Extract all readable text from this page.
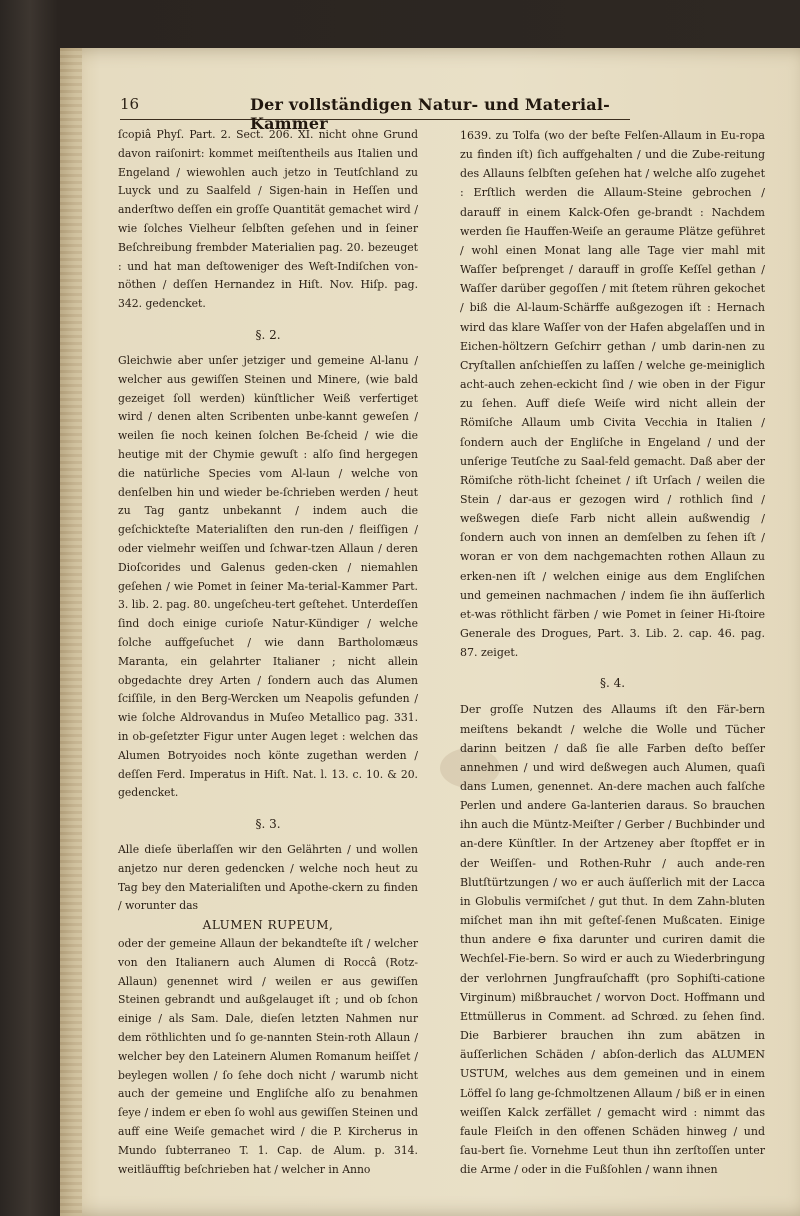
16	Der vollständigen Natur- und Material-Kammer

ſcopiâ Phyſ. Part. 2. Sect. 206. XI. nicht ohne Grund davon raiſonirt: kommet meiſtentheils aus Italien und Engeland / wiewohlen auch jetzo in Teutſchland zu Luyck und zu Saalfeld / Sigen-hain in Heſſen und anderſtwo deſſen ein groſſe Quantität gemachet wird / wie ſolches Vielheur ſelbſten geſehen und in ſeiner Beſchreibung frembder Materialien pag. 20. bezeuget : und hat man deſtoweniger des Weſt-Indiſchen von-nöthen / deſſen Hernandez in Hiſt. Nov. Hiſp. pag. 342. gedencket.

§. 2.

Gleichwie aber unſer jetziger und gemeine Al-lanu / welcher aus gewiſſen Steinen und Minere, (wie bald gezeiget ſoll werden) künſtlicher Weiß verfertiget wird / denen alten Scribenten unbe-kannt geweſen / weilen ſie noch keinen ſolchen Be-ſcheid / wie die heutige mit der Chymie gewuſt : alſo ſind hergegen die natürliche Species vom Al-laun / welche von denſelben hin und wieder be-ſchrieben werden / heut zu Tag gantz unbekannt / indem auch die geſchickteſte Materialiſten den run-den / fleiſſigen / oder vielmehr weiſſen und ſchwar-tzen Allaun / deren Dioſcorides und Galenus geden-cken / niemahlen geſehen / wie Pomet in ſeiner Ma-terial-Kammer Part. 3. lib. 2. pag. 80. ungeſcheu-tert geſtehet. Unterdeſſen ſind doch einige curioſe Natur-Kündiger / welche ſolche auffgeſuchet / wie dann Bartholomæus Maranta, ein gelahrter Italianer ; nicht allein obgedachte drey Arten / ſondern auch das Alumen ſciſſile, in den Berg-Wercken um Neapolis gefunden / wie ſolche Aldrovandus in Muſeo Metallico pag. 331. in ob-geſetzter Figur unter Augen leget : welchen das Alumen Botryoides noch könte zugethan werden / deſſen Ferd. Imperatus in Hiſt. Nat. l. 13. c. 10. & 20. gedencket.

§. 3.

Alle dieſe überlaſſen wir den Gelährten / und wollen anjetzo nur deren gedencken / welche noch heut zu Tag bey den Materialiſten und Apothe-ckern zu finden / worunter das

ALUMEN RUPEUM,

oder der gemeine Allaun der bekandteſte iſt / welcher von den Italianern auch Alumen di Roccâ (Rotz-Allaun) genennet wird / weilen er aus gewiſſen Steinen gebrandt und außgelauget iſt ; und ob ſchon einige / als Sam. Dale, dieſen letzten Nahmen nur dem röthlichten und ſo ge-nannten Stein-roth Allaun / welcher bey den Lateinern Alumen Romanum heiſſet / beylegen wollen / ſo ſehe doch nicht / warumb nicht auch der gemeine und Engliſche alſo zu benahmen ſeye / indem er eben ſo wohl aus gewiſſen Steinen und auff eine Weiſe gemachet wird / die P. Kircherus in Mundo ſubterraneo T. 1. Cap. de Alum. p. 314. weitläufftig beſchrieben hat / welcher in Anno

1639. zu Tolfa (wo der beſte Felſen-Allaum in Eu-ropa zu finden iſt) ſich auffgehalten / und die Zube-reitung des Allauns ſelbſten geſehen hat / welche alſo zugehet : Erſtlich werden die Allaum-Steine gebrochen / darauff in einem Kalck-Ofen ge-brandt : Nachdem werden ſie Hauffen-Weiſe an geraume Plätze geführet / wohl einen Monat lang alle Tage vier mahl mit Waſſer beſprenget / darauff in groſſe Keſſel gethan / Waſſer darüber gegoſſen / mit ſtetem rühren gekochet / biß die Al-laum-Schärffe außgezogen iſt : Hernach wird das klare Waſſer von der Hafen abgelaſſen und in Eichen-höltzern Geſchirr gethan / umb darin-nen zu Cryſtallen anſchieſſen zu laſſen / welche ge-meiniglich acht-auch zehen-eckicht ſind / wie oben in der Figur zu ſehen. Auff dieſe Weiſe wird nicht allein der Römiſche Allaum umb Civita Vecchia in Italien / ſondern auch der Engliſche in Engeland / und der unſerige Teutſche zu Saal-feld gemacht. Daß aber der Römiſche röth-licht ſcheinet / iſt Urſach / weilen die Stein / dar-aus er gezogen wird / rothlich ſind / weßwegen dieſe Farb nicht allein außwendig / ſondern auch von innen an demſelben zu ſehen iſt / woran er von dem nachgemachten rothen Allaun zu erken-nen iſt / welchen einige aus dem Engliſchen und gemeinen nachmachen / indem ſie ihn äuſſerlich et-was röthlicht färben / wie Pomet in ſeiner Hi-ſtoire Generale des Drogues, Part. 3. Lib. 2. cap. 46. pag. 87. zeiget.

§. 4.

Der groſſe Nutzen des Allaums iſt den Fär-bern meiſtens bekandt / welche die Wolle und Tücher darinn beitzen / daß ſie alle Farben deſto beſſer annehmen / und wird deßwegen auch Alumen, quaſi dans Lumen, genennet. An-dere machen auch falſche Perlen und andere Ga-lanterien daraus. So brauchen ihn auch die Müntz-Meiſter / Gerber / Buchbinder und an-dere Künſtler. In der Artzeney aber ſtopffet er in der Weiſſen- und Rothen-Ruhr / auch ande-ren Blutſtürtzungen / wo er auch äuſſerlich mit der Lacca in Globulis vermiſchet / gut thut. In dem Zahn-bluten miſchet man ihn mit geſteſ-ſenen Mußcaten. Einige thun andere ⊖ fixa darunter und curiren damit die Wechſel-Fie-bern. So wird er auch zu Wiederbringung der verlohrnen Jungfrauſchafft (pro Sophiſti-catione Virginum) mißbrauchet / worvon Doct. Hoffmann und Ettmüllerus in Comment. ad Schrœd. zu ſehen ſind. Die Barbierer brauchen ihn zum abätzen in äuſſerlichen Schäden / abſon-derlich das ALUMEN USTUM, welches aus dem gemeinen und in einem Löffel ſo lang ge-ſchmoltzenen Allaum / biß er in einen weiſſen Kalck zerfället / gemacht wird : nimmt das faule Fleiſch in den offenen Schäden hinweg / und ſau-bert ſie. Vornehme Leut thun ihn zerſtoſſen unter die Arme / oder in die Fußſohlen / wann ihnen
